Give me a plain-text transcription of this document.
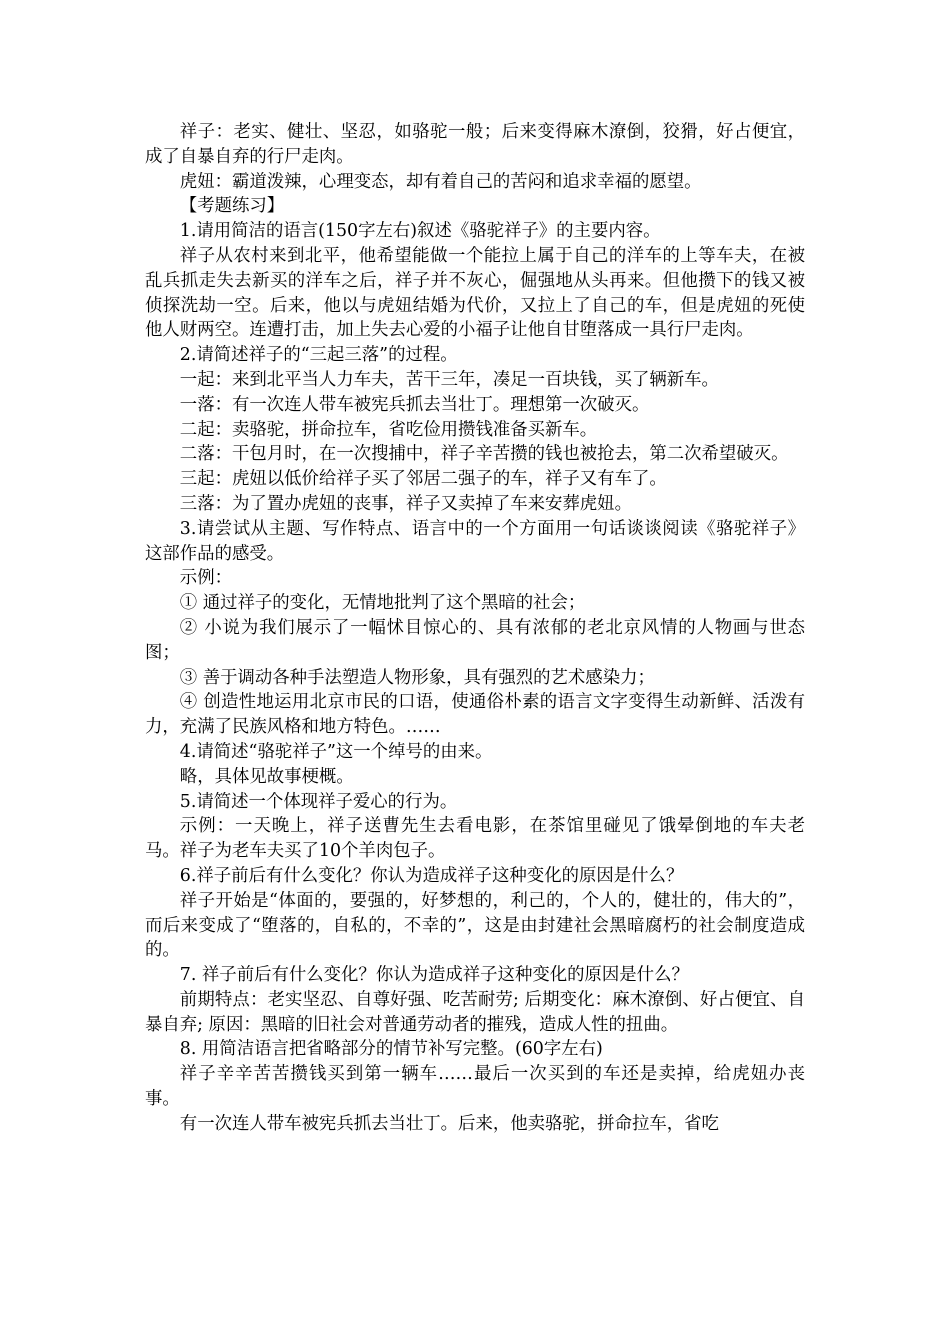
祥子：老实、健壮、坚忍，如骆驼一般；后来变得麻木潦倒，狡猾，好占便宜，成了自暴自弃的行尸走肉。

虎妞：霸道泼辣，心理变态，却有着自己的苦闷和追求幸福的愿望。

【考题练习】

1.请用简洁的语言(150字左右)叙述《骆驼祥子》的主要内容。

祥子从农村来到北平，他希望能做一个能拉上属于自己的洋车的上等车夫，在被乱兵抓走失去新买的洋车之后，祥子并不灰心，倔强地从头再来。但他攒下的钱又被侦探洗劫一空。后来，他以与虎妞结婚为代价，又拉上了自己的车，但是虎妞的死使他人财两空。连遭打击，加上失去心爱的小福子让他自甘堕落成一具行尸走肉。

2.请简述祥子的“三起三落”的过程。

一起：来到北平当人力车夫，苦干三年，凑足一百块钱，买了辆新车。

一落：有一次连人带车被宪兵抓去当壮丁。理想第一次破灭。

二起：卖骆驼，拼命拉车，省吃俭用攒钱准备买新车。

二落：干包月时，在一次搜捕中，祥子辛苦攒的钱也被抢去，第二次希望破灭。

三起：虎妞以低价给祥子买了邻居二强子的车，祥子又有车了。

三落：为了置办虎妞的丧事，祥子又卖掉了车来安葬虎妞。

3.请尝试从主题、写作特点、语言中的一个方面用一句话谈谈阅读《骆驼祥子》这部作品的感受。

示例：

① 通过祥子的变化，无情地批判了这个黑暗的社会；

② 小说为我们展示了一幅怵目惊心的、具有浓郁的老北京风情的人物画与世态图；

③ 善于调动各种手法塑造人物形象，具有强烈的艺术感染力；

④ 创造性地运用北京市民的口语，使通俗朴素的语言文字变得生动新鲜、活泼有力，充满了民族风格和地方特色。……

4.请简述“骆驼祥子”这一个绰号的由来。

略，具体见故事梗概。

5.请简述一个体现祥子爱心的行为。

示例：一天晚上，祥子送曹先生去看电影，在茶馆里碰见了饿晕倒地的车夫老马。祥子为老车夫买了10个羊肉包子。

6.祥子前后有什么变化？你认为造成祥子这种变化的原因是什么？

祥子开始是“体面的，要强的，好梦想的，利己的，个人的，健壮的，伟大的”，而后来变成了“堕落的，自私的，不幸的”，这是由封建社会黑暗腐朽的社会制度造成的。

7. 祥子前后有什么变化？你认为造成祥子这种变化的原因是什么？

前期特点：老实坚忍、自尊好强、吃苦耐劳; 后期变化：麻木潦倒、好占便宜、自暴自弃; 原因：黑暗的旧社会对普通劳动者的摧残，造成人性的扭曲。

8. 用简洁语言把省略部分的情节补写完整。(60字左右)

祥子辛辛苦苦攒钱买到第一辆车……最后一次买到的车还是卖掉，给虎妞办丧事。

有一次连人带车被宪兵抓去当壮丁。后来，他卖骆驼，拼命拉车，省吃
